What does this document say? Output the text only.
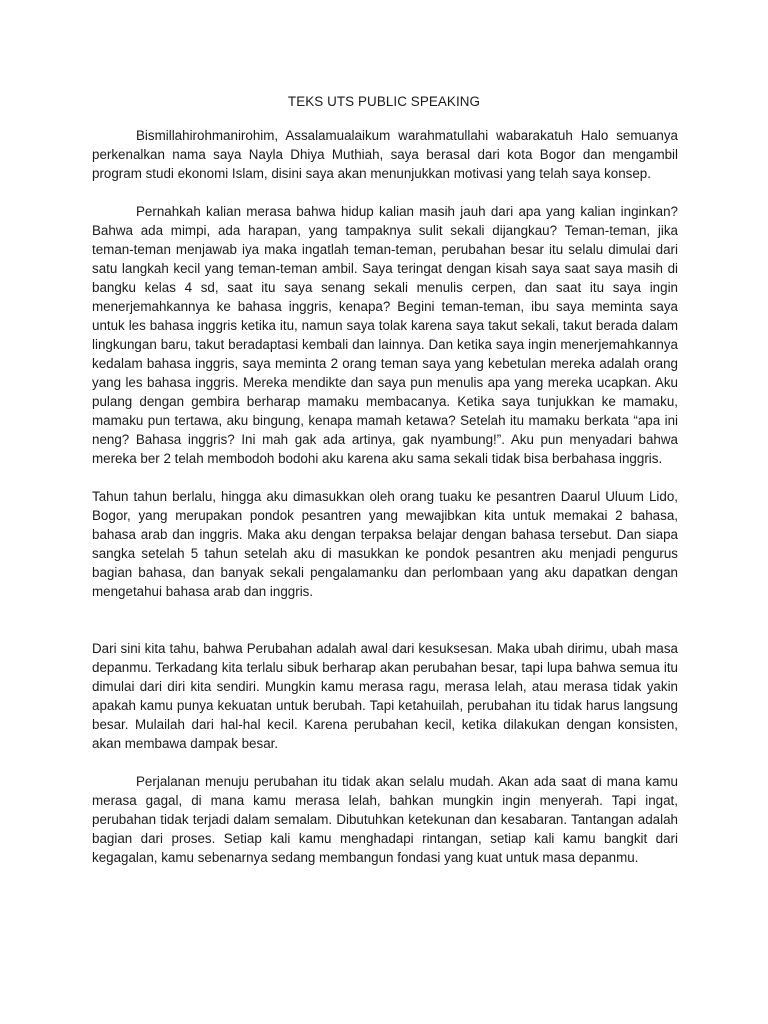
TEKS UTS PUBLIC SPEAKING

Bismillahirohmanirohim, Assalamualaikum warahmatullahi wabarakatuh Halo semuanya perkenalkan nama saya Nayla Dhiya Muthiah, saya berasal dari kota Bogor dan mengambil program studi ekonomi Islam, disini saya akan menunjukkan motivasi yang telah saya konsep.

Pernahkah kalian merasa bahwa hidup kalian masih jauh dari apa yang kalian inginkan? Bahwa ada mimpi, ada harapan, yang tampaknya sulit sekali dijangkau? Teman-teman, jika teman-teman menjawab iya maka ingatlah teman-teman, perubahan besar itu selalu dimulai dari satu langkah kecil yang teman-teman ambil. Saya teringat dengan kisah saya saat saya masih di bangku kelas 4 sd, saat itu saya senang sekali menulis cerpen, dan saat itu saya ingin menerjemahkannya ke bahasa inggris, kenapa? Begini teman-teman, ibu saya meminta saya untuk les bahasa inggris ketika itu, namun saya tolak karena saya takut sekali, takut berada dalam lingkungan baru, takut beradaptasi kembali dan lainnya. Dan ketika saya ingin menerjemahkannya kedalam bahasa inggris, saya meminta 2 orang teman saya yang kebetulan mereka adalah orang yang les bahasa inggris. Mereka mendikte dan saya pun menulis apa yang mereka ucapkan. Aku pulang dengan gembira berharap mamaku membacanya. Ketika saya tunjukkan ke mamaku, mamaku pun tertawa, aku bingung, kenapa mamah ketawa? Setelah itu mamaku berkata “apa ini neng? Bahasa inggris? Ini mah gak ada artinya, gak nyambung!”. Aku pun menyadari bahwa mereka ber 2 telah membodoh bodohi aku karena aku sama sekali tidak bisa berbahasa inggris.

Tahun tahun berlalu, hingga aku dimasukkan oleh orang tuaku ke pesantren Daarul Uluum Lido, Bogor, yang merupakan pondok pesantren yang mewajibkan kita untuk memakai 2 bahasa, bahasa arab dan inggris. Maka aku dengan terpaksa belajar dengan bahasa tersebut. Dan siapa sangka setelah 5 tahun setelah aku di masukkan ke pondok pesantren aku menjadi pengurus bagian bahasa, dan banyak sekali pengalamanku dan perlombaan yang aku dapatkan dengan mengetahui bahasa arab dan inggris.

Dari sini kita tahu, bahwa Perubahan adalah awal dari kesuksesan. Maka ubah dirimu, ubah masa depanmu. Terkadang kita terlalu sibuk berharap akan perubahan besar, tapi lupa bahwa semua itu dimulai dari diri kita sendiri. Mungkin kamu merasa ragu, merasa lelah, atau merasa tidak yakin apakah kamu punya kekuatan untuk berubah. Tapi ketahuilah, perubahan itu tidak harus langsung besar. Mulailah dari hal-hal kecil. Karena perubahan kecil, ketika dilakukan dengan konsisten, akan membawa dampak besar.

Perjalanan menuju perubahan itu tidak akan selalu mudah. Akan ada saat di mana kamu merasa gagal, di mana kamu merasa lelah, bahkan mungkin ingin menyerah. Tapi ingat, perubahan tidak terjadi dalam semalam. Dibutuhkan ketekunan dan kesabaran. Tantangan adalah bagian dari proses. Setiap kali kamu menghadapi rintangan, setiap kali kamu bangkit dari kegagalan, kamu sebenarnya sedang membangun fondasi yang kuat untuk masa depanmu.
